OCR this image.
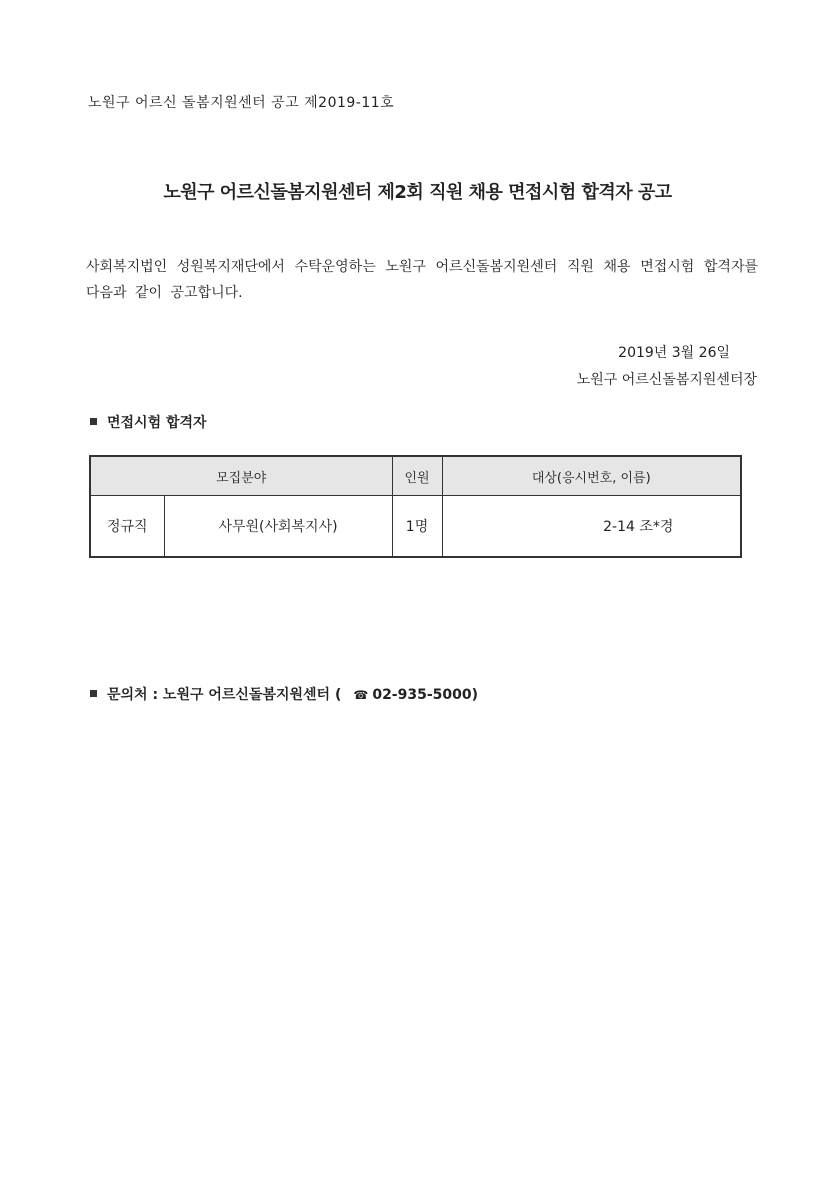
노원구 어르신 돌봄지원센터 공고 제2019-11호
노원구 어르신돌봄지원센터 제2회 직원 채용 면접시험 합격자 공고
사회복지법인 성원복지재단에서 수탁운영하는 노원구 어르신돌봄지원센터 직원 채용 면접시험 합격자를 다음과 같이 공고합니다.
2019년 3월 26일
노원구 어르신돌봄지원센터장
면접시험 합격자
모집분야		인원	대상(응시번호, 이름)
정규직	사무원(사회복지사)	1명	2-14 조*경
문의처 : 노원구 어르신돌봄지원센터 ( ☎ 02-935-5000)
